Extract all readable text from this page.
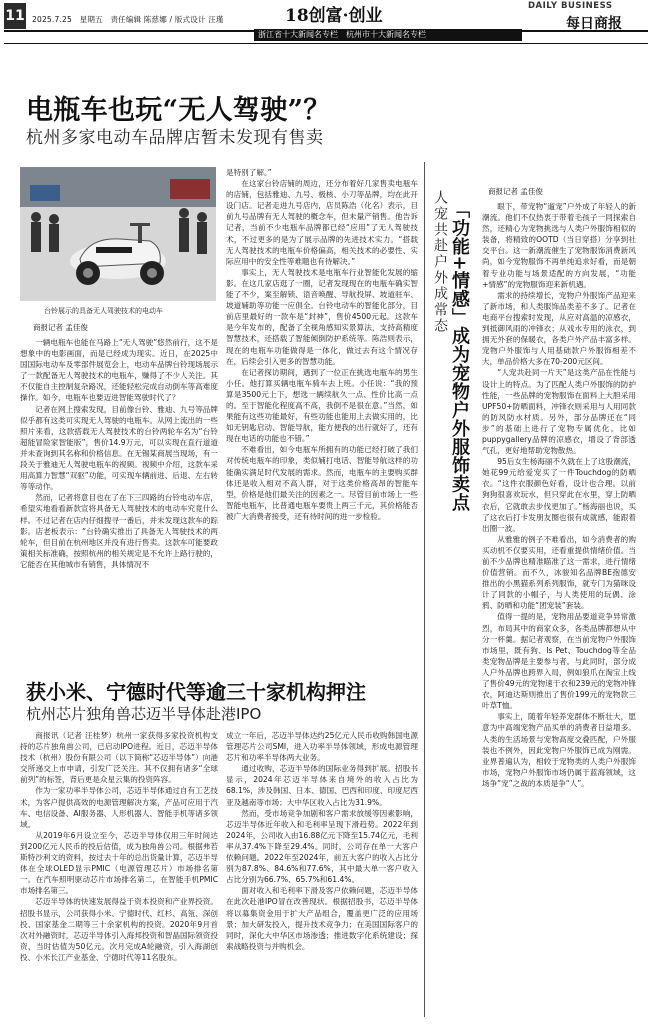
11 2025.7.25　星期五　责任编辑 陈慈娜 / 版式设计 汪瑾	18创富·创业	DAILY BUSINESS
每日商报
浙江省十大新闻名专栏　杭州市十大新闻名专栏
电瓶车也玩“无人驾驶”？
杭州多家电动车品牌店暂未发现有售卖
　　台铃展示的具备无人驾驶技术的电动车
商报记者 孟佳俊

一辆电瓶车也能在马路上“无人驾驶”悠然前行，这不是想象中的电影画面，而是已经成为现实。近日，在2025中国国际电动车及零部件展览会上，电动车品牌台铃现场展示了一款配备无人驾驶技术的电瓶车，赚得了不少人关注。其不仅能自主控制复杂路况，还能轻松完成自动倒车等高难度操作。如今，电瓶车也要迈进智能驾驶时代了？

记者在网上搜索发现，目前像台铃、雅迪、九号等品牌似乎都有这类可实现无人驾驶的电瓶车。从网上流出的一些照片来看，这款搭载无人驾驶技术的台铃两轮车名为“台铃超能冒险家智能版”，售价14.9万元，可以实现在直行道道并未查询到其名称和价格信息。在无锡某商展当现场，有一段关于雅迪无人驾驶电瓶车的视频。视频中介绍，这款车采用高算力智慧“双驱”功能，可实现车辆前进、后退、左右转等等动作。

然而，记者将意目也在了在下三四路的台铃电动车店，希望实地看看新款宣将具备无人驾驶技术的电动车究竟什么样。不过记者在店内仔细搜寻一番后，并未发现这款车的踪影。店老板表示：“台铃确实推出了具备无人驾驶技术的两轮车，但目前在杭州地区并没有进行售卖。这款车可能要政策相关标准确，按照杭州的相关规定是不允许上路行驶的，它能否在其他城市有销售，具体情况不

是特别了解。”

在这家台铃店铺的周边，还分布着好几家售卖电瓶车的店铺，包括雅迪、九号、极核、小刀等品牌，均在此开设门店。记者走进九号店内，店员陈浩（化名）表示，目前九号品牌有无人驾驶的概念车，但未量产销售。他告诉记者，当前不少电瓶车品牌都已经“应用”了无人驾驶技术，不过更多的是为了展示品牌的先进技术实力。“搭载无人驾驶技术的电瓶车价格偏高，相关技术的必要性、实际应用中的安全性等难题也有待解决。”

事实上，无人驾驶技术是电瓶车行业智能化发展的缩影。在这几家店逛了一圈，记者发现现在的电瓶车确实智能了不少，案至解锁、语音唤醒、导航投屏、坡道驻车、坡道辅助等功能一应俱全。台铃电动车的智能化部分，目前店里最好的一款车是“封神”，售价4500元起。这款车是今年发布的，配备了全视角感知实景算法，支持高精度智慧技术，还搭载了智能倾倒防护系统等。陈浩则表示，现在的电瓶车功能做得是一体化，做过去有这个情况存在，后续会引入更多的智慧功能。

在记者探访期间，遇到了一位正在挑选电瓶车的男生小任。他打算买辆电瓶车骑车去上班。小任说：“我的预算是3500元上下，想选一辆续航久一点、性价比高一点的。至于智能化程度高不高，我倒不是很在意。”当然，如果能有这些功能最好，有些功能也能用上去做实用的，比如无钥匙启动、智能导航，能方便我的出行就好了，还有现在电话的功能也不错。”

不难看出，如今电瓶车所拥有的功能已经打破了我们对传统电瓶车的印象，类似辅打电话、智能导航这样的功能确实满足时代发展的需求。然而，电瓶车的主要购买群体还是收入相对不高人群，对于这类价格高昂的智能车型，价格是他们最关注的因素之一。尽管目前市场上一些智能电瓶车，比普通电瓶车要贵上两三千元，其价格能否被广大消费者接受，还有待时间的进一步检验。

「功能+情感」成为宠物户外服饰卖点
人宠共赴户外成常态	商报记者 孟佳俊

眼下，带宠物“遛宠”户外成了年轻人的新潮流。他们不仅热衷于带着毛孩子一同探索自然，还精心为宠物挑选与人类户外服饰相似的装备，将精致的OOTD（当日穿搭）分享到社交平台。这一新潮流催生了宠物服饰消费新风尚，如今宠物服饰不再单纯追求好看，而是朝着专业功能与场景适配的方向发展，“功能+情感”的宠物服饰迎来新机遇。

需求的持续增长，宠物户外服饰产品迎来了新市场，和人类服饰品类差不多了。记者在电商平台搜索时发现，从应对高温的凉感衣，到抵御风雨的冲锋衣；从戏水专用的泳衣，到拥无外套的保暖衣，各类户外产品丰富多样。宠物户外服饰与人用基础款户外服饰相差不大，单品价格大多在70-200元区间。

“人宠共赴同一片天”是这类产品在性能与设计上的特点。为了匹配人类户外服饰的防护性能，一些品牌的宠物服饰在面料上大胆采用UPF50+防晒面料，冲锋衣则采用与人用同款的防风防水材质。另外，部分品牌还在“同步”的基础上进行了宠物专属优化。比如puppygallery品牌的凉感衣，增设了背部透气孔，更好地帮助宠物散热。

95后女生杨海丽不久就在上了这股潮流，她花99元给爱宠买了一件Touchdog的防晒衣。“这件衣服颜色好看，设计也合理。以前狗狗很喜欢玩水，但只穿此在水里，穿上防晒衣后，它就敢去步伐更加了。”杨海丽也说，买了这衣后打卡发朋友圈也很有成就感，能跟着出圈一波。

从雅雅的例子不难看出，如今消费者的购买动机不仅要实用，还看重提供情绪价值。当前不少品牌也精准瞄准了这一需求，进行情绪价值营销。而不久，冰骏知名品牌BE孢德安推出的小黑猫系列系列服饰，就专门为猫咪设计了同款的小帽子，与人类使用的玩偶、涂鸦、防晒和功能“团宠装”套装。

值得一提的是，宠物用品要道竞争异常激烈，布局其中的商家众多，各类品牌都想从中分一杯羹。据记者观察，在当前宠物户外服饰市场里，既有狗、Is Pet、Touchdog等全品类宠物品牌是主要参与者。与此同时，部分成人户外品牌也跨界入局，例如狼爪在淘宝上线了售价49元的宠物速干衣和239元的宠物冲锋衣，阿迪达斯则推出了售价199元的宠物款三叶草T恤。

事实上，随着年轻养宠群体不断壮大，愿意为中高端宠物产品买单的消费者日益增多。人类的生活场景与宠物高度交叠匹配，户外服装也不例外，因此宠物户外服饰已成为刚需。业界普遍认为，相较于宠物类的人类户外服饰市场，宠物户外服饰市场仍属于蓝海领域，这场争“宠”之战的本质是争“人”。

获小米、宁德时代等逾三十家机构押注
杭州芯片独角兽芯迈半导体赴港IPO

商报讯（记者 汪桂梦）杭州一家获得多家投资机构支持的芯片独角兽公司，已启动IPO进程。近日，芯迈半导体技术（杭州）股份有限公司（以下简称“芯迈半导体”）向港交所递交上市申请，引发广泛关注。其不仅拥有诸多“全球前列”的标签，背后更是众星云集的投资阵容。

作为一家功率半导体公司，芯迈半导体通过自有工艺技术，为客户提供高效的电源管理解决方案，产品可应用于汽车、电信设备、AI服务器、人形机器人、智能手机等诸多领域。

从2019年6月设立至今，芯迈半导体仅用三年时间达到200亿元人民币的投后估值，成为独角兽公司。根据弗若斯特沙利文的资料，按过去十年的总出货量计算，芯迈半导体在全球OLED显示PMIC（电源管理芯片）市场排名第一。在汽车照明驱动芯片市场排名第二，在智能手机PMIC市场排名第三。

芯迈半导体的快速发展得益于资本投资和产业界投资。招股书显示，公司获得小米、宁德时代、红杉、高瓴、深创投、国家基金二期等三十余家机构的投资。2020年9月首次对外融资时，芯迈半导体引入海邦投资和智晶国际领资投资，当时估值为50亿元。次月完成A轮融资，引入海湖创投、小米长江产业基金、宁德时代等11名股东。

成立一年后，芯迈半导体达约25亿元人民币收购韩国电源管理芯片公司SMI，进入功率半导体领域，形成电源管理芯片和功率半导体两大业务。

通过收购，芯迈半导体的国际业务得到扩展。招股书显示，2024年芯迈半导体来自境外的收入占比为68.1%，涉及韩国、日本、德国、巴西和印度、印度尼西亚及越南等市场；大中华区收入占比为31.9%。

然而，受市场竞争加剧和客户需求放缓等因素影响，芯迈半导体近年收入和毛利率呈现下滑趋势。2022年到2024年，公司收入由16.88亿元下降至15.74亿元，毛利率从37.4%下降至29.4%。同时，公司存在单一大客户依赖问题。2022年至2024年，前五大客户的收入占比分别为87.8%、84.6%和77.6%，其中最大单一客户收入占比分别为66.7%、65.7%和61.4%。

面对收入和毛利率下滑及客户依赖问题，芯迈半导体在此次赴港IPO冒在改善现状。根据招股书，芯迈半导体将以募集资金用于扩大产品组合，覆盖更广泛的应用场景；加大研发投入，提升技术竞争力；在美国国际客户的同时，深化大中华区市场渗透；推进数字化系统建设；探索战略投资与并购机会。
